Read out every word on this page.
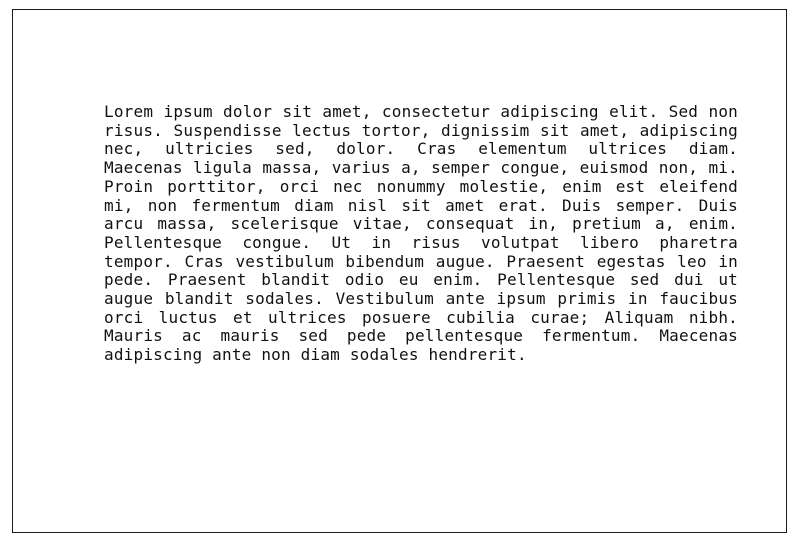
Lorem ipsum dolor sit amet, consectetur adipiscing elit. Sed non risus. Suspendisse lectus tortor, dignissim sit amet, adipiscing nec, ultricies sed, dolor. Cras elementum ultrices diam. Maecenas ligula massa, varius a, semper congue, euismod non, mi. Proin porttitor, orci nec nonummy molestie, enim est eleifend mi, non fermentum diam nisl sit amet erat. Duis semper. Duis arcu massa, scelerisque vitae, consequat in, pretium a, enim. Pellentesque congue. Ut in risus volutpat libero pharetra tempor. Cras vestibulum bibendum augue. Praesent egestas leo in pede. Praesent blandit odio eu enim. Pellentesque sed dui ut augue blandit sodales. Vestibulum ante ipsum primis in faucibus orci luctus et ultrices posuere cubilia curae; Aliquam nibh. Mauris ac mauris sed pede pellentesque fermentum. Maecenas adipiscing ante non diam sodales hendrerit.
